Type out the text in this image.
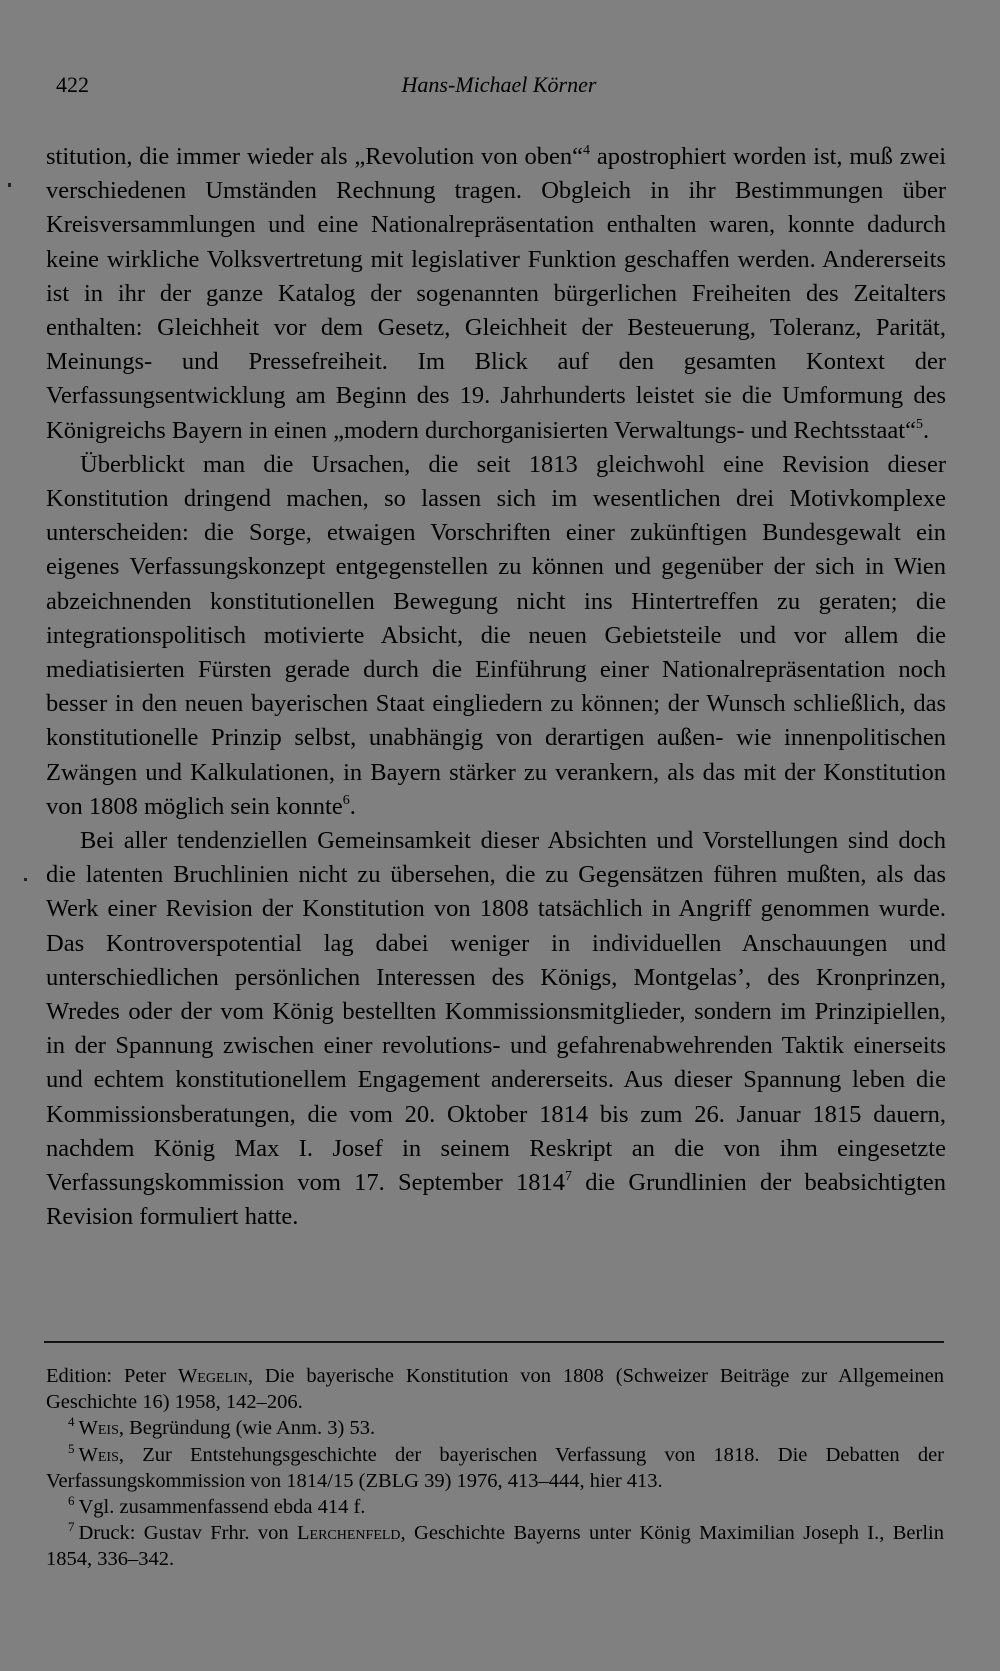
422	Hans-Michael Körner

stitution, die immer wieder als „Revolution von oben“$^4$ apostrophiert worden ist, muß zwei verschiedenen Umständen Rechnung tragen. Obgleich in ihr Bestimmungen über Kreisversammlungen und eine Nationalrepräsentation enthalten waren, konnte dadurch keine wirkliche Volksvertretung mit legislativer Funktion geschaffen werden. Andererseits ist in ihr der ganze Katalog der sogenannten bürgerlichen Freiheiten des Zeitalters enthalten: Gleichheit vor dem Gesetz, Gleichheit der Besteuerung, Toleranz, Parität, Meinungs- und Pressefreiheit. Im Blick auf den gesamten Kontext der Verfassungsentwicklung am Beginn des 19. Jahrhunderts leistet sie die Umformung des Königreichs Bayern in einen „modern durchorganisierten Verwaltungs- und Rechtsstaat“$^5$.

Überblickt man die Ursachen, die seit 1813 gleichwohl eine Revision dieser Konstitution dringend machen, so lassen sich im wesentlichen drei Motivkomplexe unterscheiden: die Sorge, etwaigen Vorschriften einer zukünftigen Bundesgewalt ein eigenes Verfassungskonzept entgegenstellen zu können und gegenüber der sich in Wien abzeichnenden konstitutionellen Bewegung nicht ins Hintertreffen zu geraten; die integrationspolitisch motivierte Absicht, die neuen Gebietsteile und vor allem die mediatisierten Fürsten gerade durch die Einführung einer Nationalrepräsentation noch besser in den neuen bayerischen Staat eingliedern zu können; der Wunsch schließlich, das konstitutionelle Prinzip selbst, unabhängig von derartigen außen- wie innenpolitischen Zwängen und Kalkulationen, in Bayern stärker zu verankern, als das mit der Konstitution von 1808 möglich sein konnte$^6$.

Bei aller tendenziellen Gemeinsamkeit dieser Absichten und Vorstellungen sind doch die latenten Bruchlinien nicht zu übersehen, die zu Gegensätzen führen mußten, als das Werk einer Revision der Konstitution von 1808 tatsächlich in Angriff genommen wurde. Das Kontroverspotential lag dabei weniger in individuellen Anschauungen und unterschiedlichen persönlichen Interessen des Königs, Montgelas’, des Kronprinzen, Wredes oder der vom König bestellten Kommissionsmitglieder, sondern im Prinzipiellen, in der Spannung zwischen einer revolutions- und gefahrenabwehrenden Taktik einerseits und echtem konstitutionellem Engagement andererseits. Aus dieser Spannung leben die Kommissionsberatungen, die vom 20. Oktober 1814 bis zum 26. Januar 1815 dauern, nachdem König Max I. Josef in seinem Reskript an die von ihm eingesetzte Verfassungskommission vom 17. September 1814$^7$ die Grundlinien der beabsichtigten Revision formuliert hatte.

Edition: Peter Wegelin, Die bayerische Konstitution von 1808 (Schweizer Beiträge zur Allgemeinen Geschichte 16) 1958, 142–206.

$^4$ Weis, Begründung (wie Anm. 3) 53.

$^5$ Weis, Zur Entstehungsgeschichte der bayerischen Verfassung von 1818. Die Debatten der Verfassungskommission von 1814/15 (ZBLG 39) 1976, 413–444, hier 413.

$^6$ Vgl. zusammenfassend ebda 414 f.

$^7$ Druck: Gustav Frhr. von Lerchenfeld, Geschichte Bayerns unter König Maximilian Joseph I., Berlin 1854, 336–342.
